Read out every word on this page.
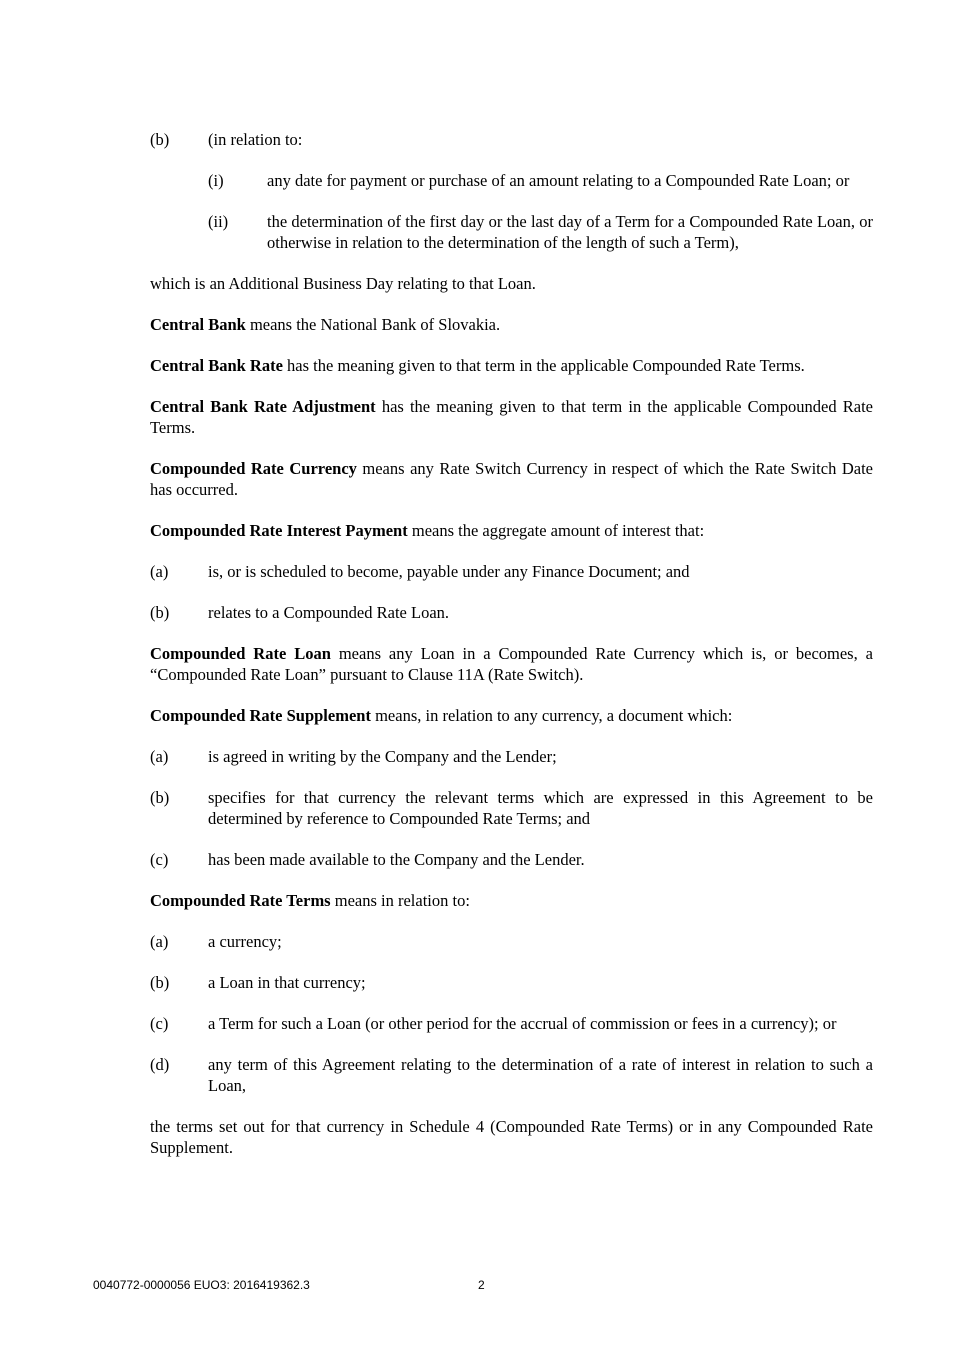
(b)	(in relation to:
(i)	any date for payment or purchase of an amount relating to a Compounded Rate Loan; or
(ii)	the determination of the first day or the last day of a Term for a Compounded Rate Loan, or otherwise in relation to the determination of the length of such a Term),

which is an Additional Business Day relating to that Loan.

Central Bank means the National Bank of Slovakia.

Central Bank Rate has the meaning given to that term in the applicable Compounded Rate Terms.

Central Bank Rate Adjustment has the meaning given to that term in the applicable Compounded Rate Terms.

Compounded Rate Currency means any Rate Switch Currency in respect of which the Rate Switch Date has occurred.

Compounded Rate Interest Payment means the aggregate amount of interest that:

(a)	is, or is scheduled to become, payable under any Finance Document; and
(b)	relates to a Compounded Rate Loan.

Compounded Rate Loan means any Loan in a Compounded Rate Currency which is, or becomes, a “Compounded Rate Loan” pursuant to Clause 11A (Rate Switch).

Compounded Rate Supplement means, in relation to any currency, a document which:

(a)	is agreed in writing by the Company and the Lender;
(b)	specifies for that currency the relevant terms which are expressed in this Agreement to be determined by reference to Compounded Rate Terms; and
(c)	has been made available to the Company and the Lender.

Compounded Rate Terms means in relation to:

(a)	a currency;
(b)	a Loan in that currency;
(c)	a Term for such a Loan (or other period for the accrual of commission or fees in a currency); or
(d)	any term of this Agreement relating to the determination of a rate of interest in relation to such a Loan,

the terms set out for that currency in Schedule 4 (Compounded Rate Terms) or in any Compounded Rate Supplement.

0040772-0000056 EUO3: 2016419362.3	2
